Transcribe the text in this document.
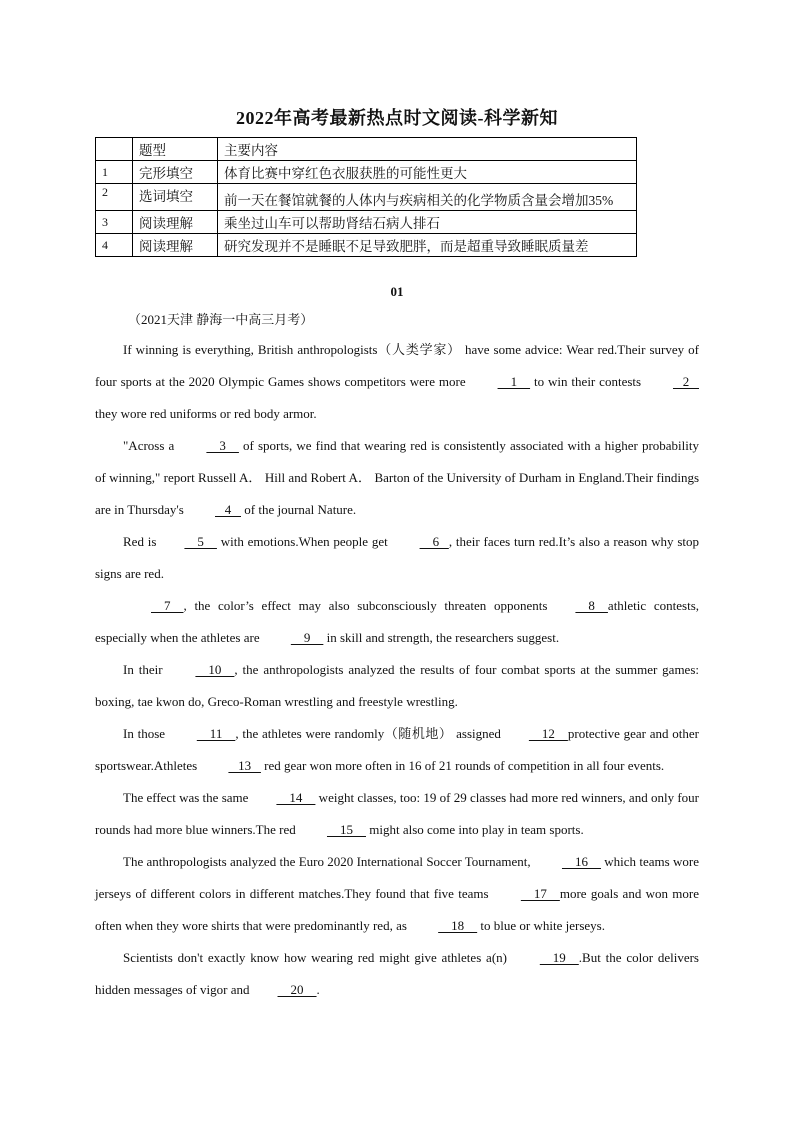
2022年高考最新热点时文阅读-科学新知
	题型	主要内容
1	完形填空	体育比赛中穿红色衣服获胜的可能性更大
2	选词填空	前一天在餐馆就餐的人体内与疾病相关的化学物质含量会增加35%
3	阅读理解	乘坐过山车可以帮助肾结石病人排石
4	阅读理解	研究发现并不是睡眠不足导致肥胖，而是超重导致睡眠质量差
01
（2021天津 静海一中高三月考）

If winning is everything, British anthropologists（人类学家） have some advice: Wear red.Their survey of four sports at the 2020 Olympic Games shows competitors were more     1     to win their contests    2    they wore red uniforms or red body armor.

"Across a     3     of sports, we find that wearing red is consistently associated with a higher probability of winning," report Russell A． Hill and Robert A． Barton of the University of Durham in England.Their findings are in Thursday's    4    of the journal Nature.

Red is    5     with emotions.When people get     6   , their faces turn red.It’s also a reason why stop signs are red.

7    , the color’s effect may also subconsciously threaten opponents    8    athletic contests, especially when the athletes are     9     in skill and strength, the researchers suggest.

In their     10    , the anthropologists analyzed the results of four combat sports at the summer games: boxing, tae kwon do, Greco-Roman wrestling and freestyle wrestling.

In those     11    , the athletes were randomly（随机地） assigned    12    protective gear and other sportswear.Athletes    13    red gear won more often in 16 of 21 rounds of competition in all four events.

The effect was the same    14     weight classes, too: 19 of 29 classes had more red winners, and only four rounds had more blue winners.The red     15     might also come into play in team sports.

The anthropologists analyzed the Euro 2020 International Soccer Tournament,     16     which teams wore jerseys of different colors in different matches.They found that five teams     17    more goals and won more often when they wore shirts that were predominantly red, as     18     to blue or white jerseys.

Scientists don't exactly know how wearing red might give athletes a(n)     19    .But the color delivers hidden messages of vigor and    20    .
